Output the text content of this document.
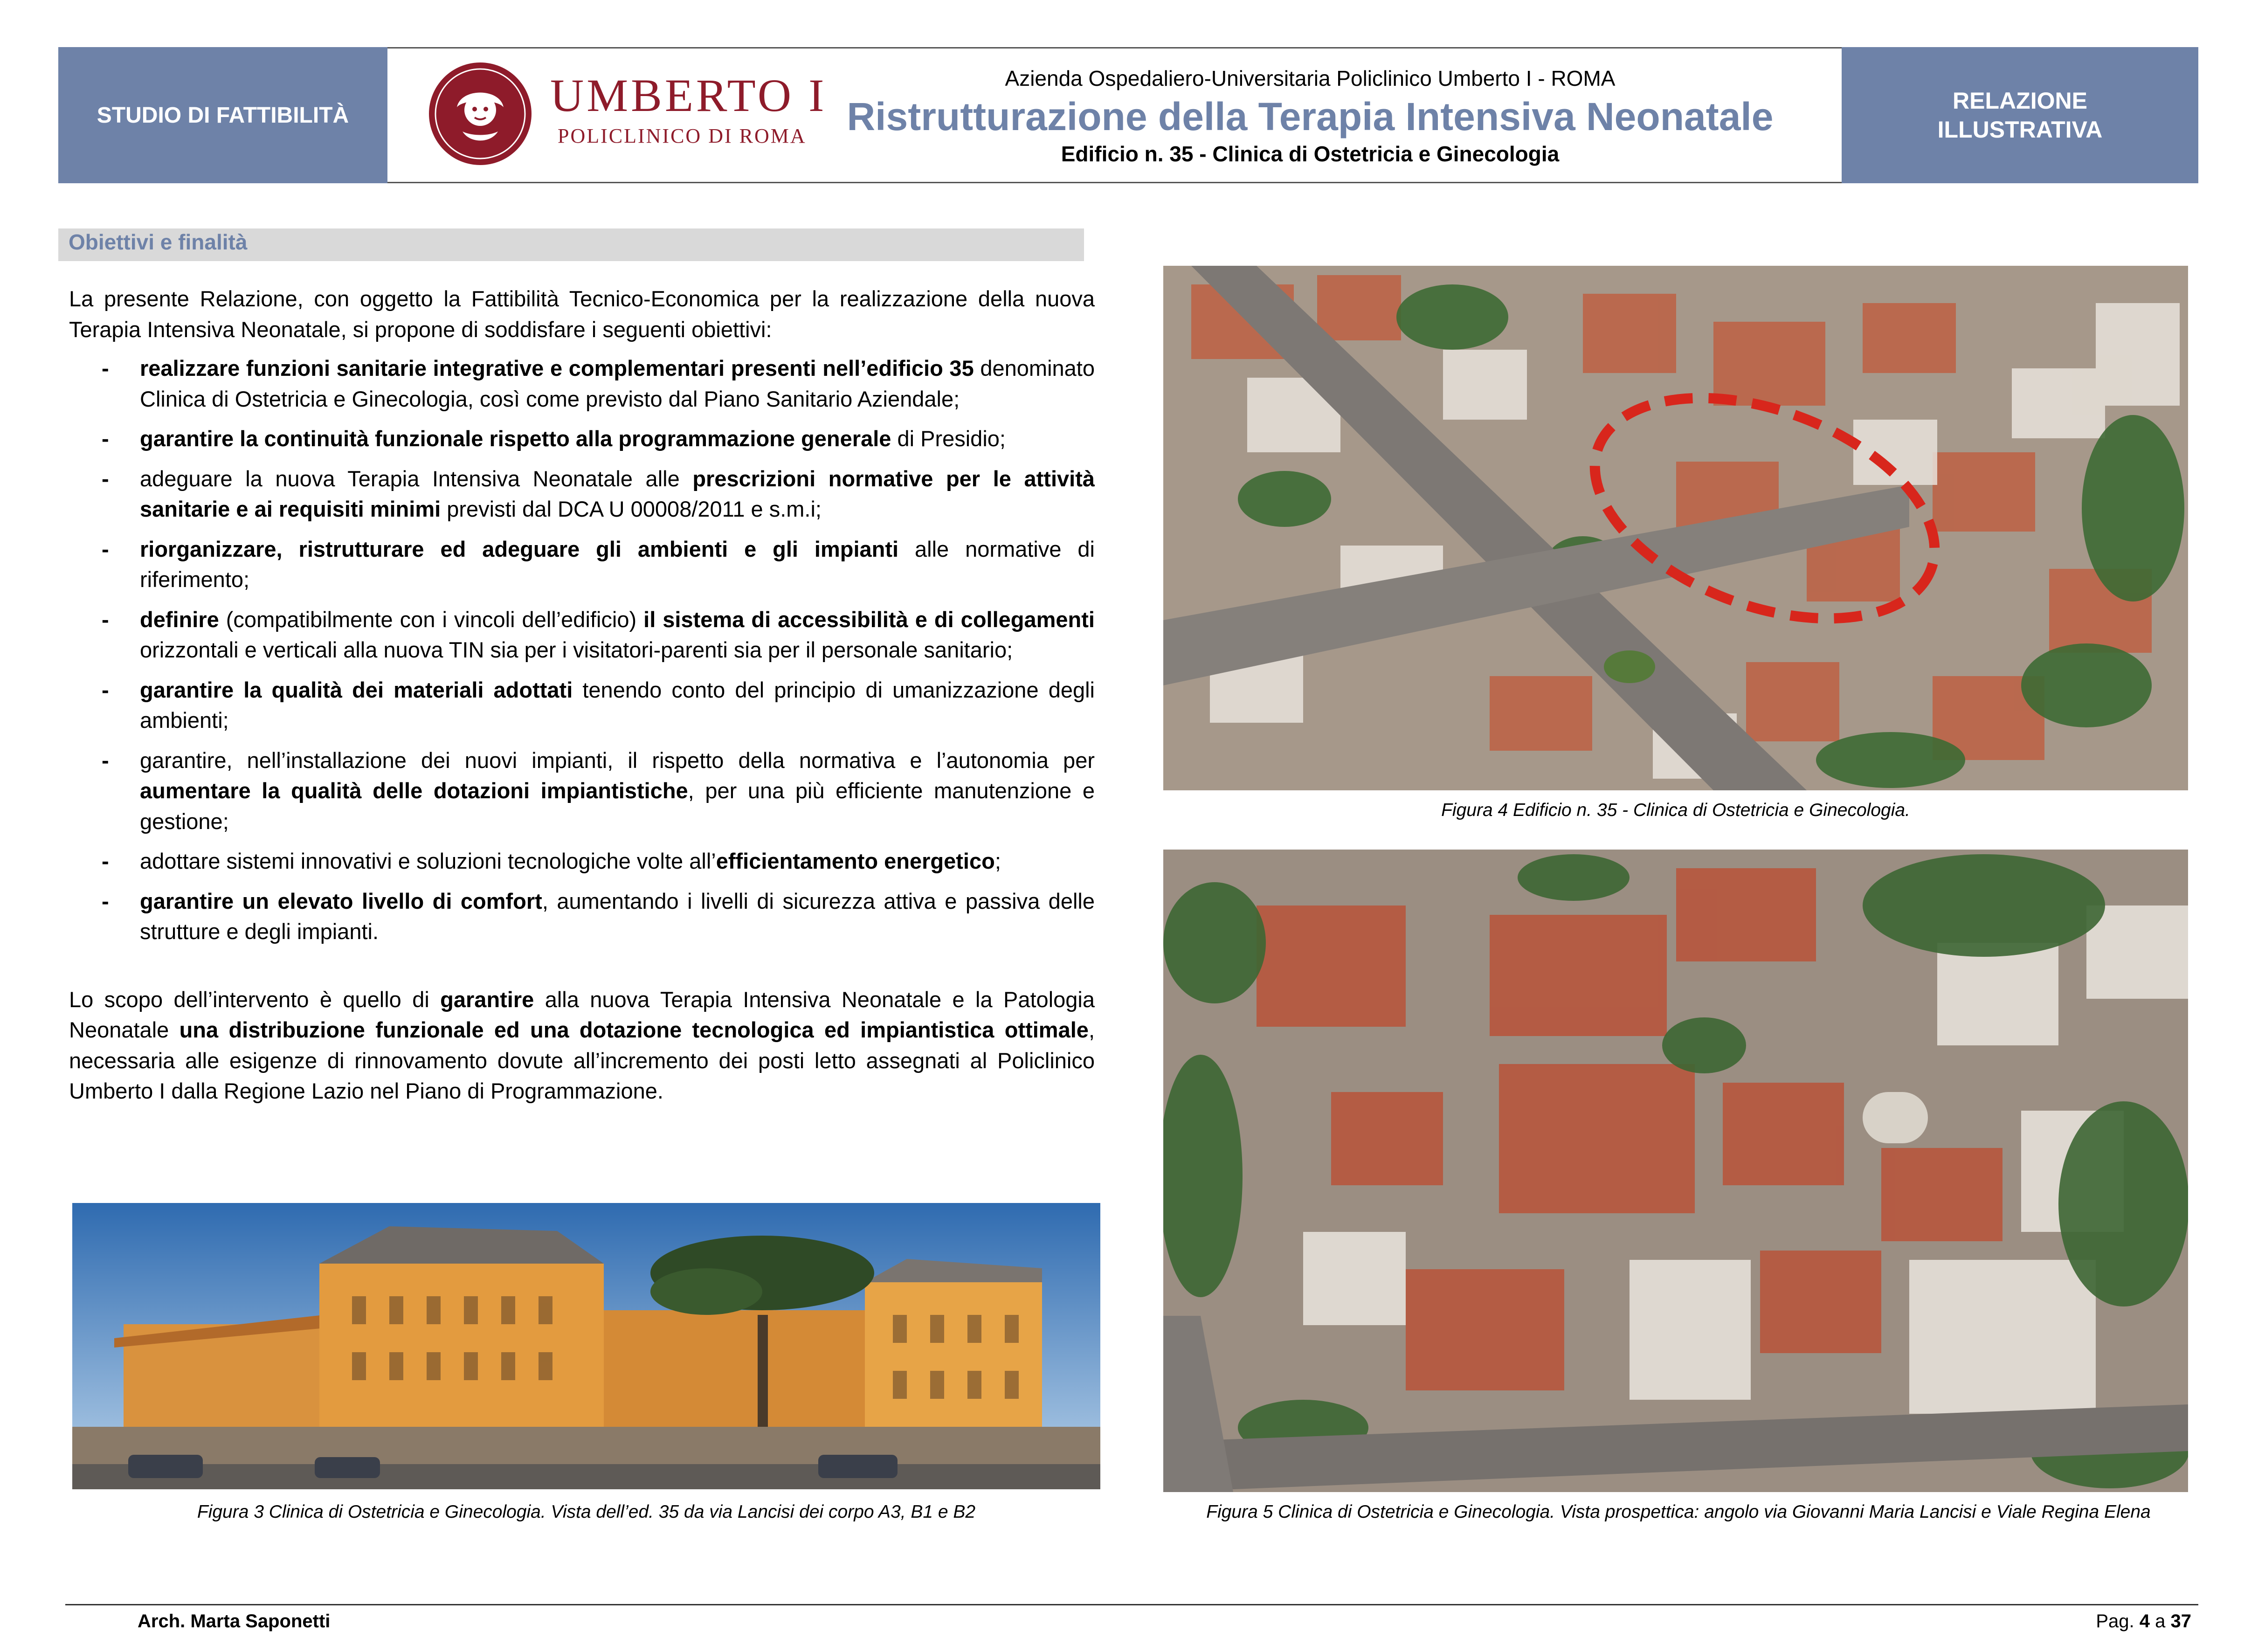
STUDIO DI FATTIBILITÀ	UMBERTO I
POLICLINICO DI ROMA
Azienda Ospedaliero-Universitaria Policlinico Umberto I - ROMA
Ristrutturazione della Terapia Intensiva Neonatale
Edificio n. 35 - Clinica di Ostetricia e Ginecologia
RELAZIONE
ILLUSTRATIVA
Obiettivi e finalità

La presente Relazione, con oggetto la Fattibilità Tecnico-Economica per la realizzazione della nuova Terapia Intensiva Neonatale, si propone di soddisfare i seguenti obiettivi:

- realizzare funzioni sanitarie integrative e complementari presenti nell’edificio 35 denominato Clinica di Ostetricia e Ginecologia, così come previsto dal Piano Sanitario Aziendale;
- garantire la continuità funzionale rispetto alla programmazione generale di Presidio;
- adeguare la nuova Terapia Intensiva Neonatale alle prescrizioni normative per le attività sanitarie e ai requisiti minimi previsti dal DCA U 00008/2011 e s.m.i;
- riorganizzare, ristrutturare ed adeguare gli ambienti e gli impianti alle normative di riferimento;
- definire (compatibilmente con i vincoli dell’edificio) il sistema di accessibilità e di collegamenti orizzontali e verticali alla nuova TIN sia per i visitatori-parenti sia per il personale sanitario;
- garantire la qualità dei materiali adottati tenendo conto del principio di umanizzazione degli ambienti;
- garantire, nell’installazione dei nuovi impianti, il rispetto della normativa e l’autonomia per aumentare la qualità delle dotazioni impiantistiche, per una più efficiente manutenzione e gestione;
- adottare sistemi innovativi e soluzioni tecnologiche volte all’efficientamento energetico;
- garantire un elevato livello di comfort, aumentando i livelli di sicurezza attiva e passiva delle strutture e degli impianti.

Lo scopo dell’intervento è quello di garantire alla nuova Terapia Intensiva Neonatale e la Patologia Neonatale una distribuzione funzionale ed una dotazione tecnologica ed impiantistica ottimale, necessaria alle esigenze di rinnovamento dovute all’incremento dei posti letto assegnati al Policlinico Umberto I dalla Regione Lazio nel Piano di Programmazione.

Figura 3 Clinica di Ostetricia e Ginecologia. Vista dell’ed. 35 da via Lancisi dei corpo A3, B1 e B2
Figura 4 Edificio n. 35 - Clinica di Ostetricia e Ginecologia.
Figura 5 Clinica di Ostetricia e Ginecologia. Vista prospettica: angolo via Giovanni Maria Lancisi e Viale Regina Elena
Arch. Marta Saponetti	Pag. 4 a 37
